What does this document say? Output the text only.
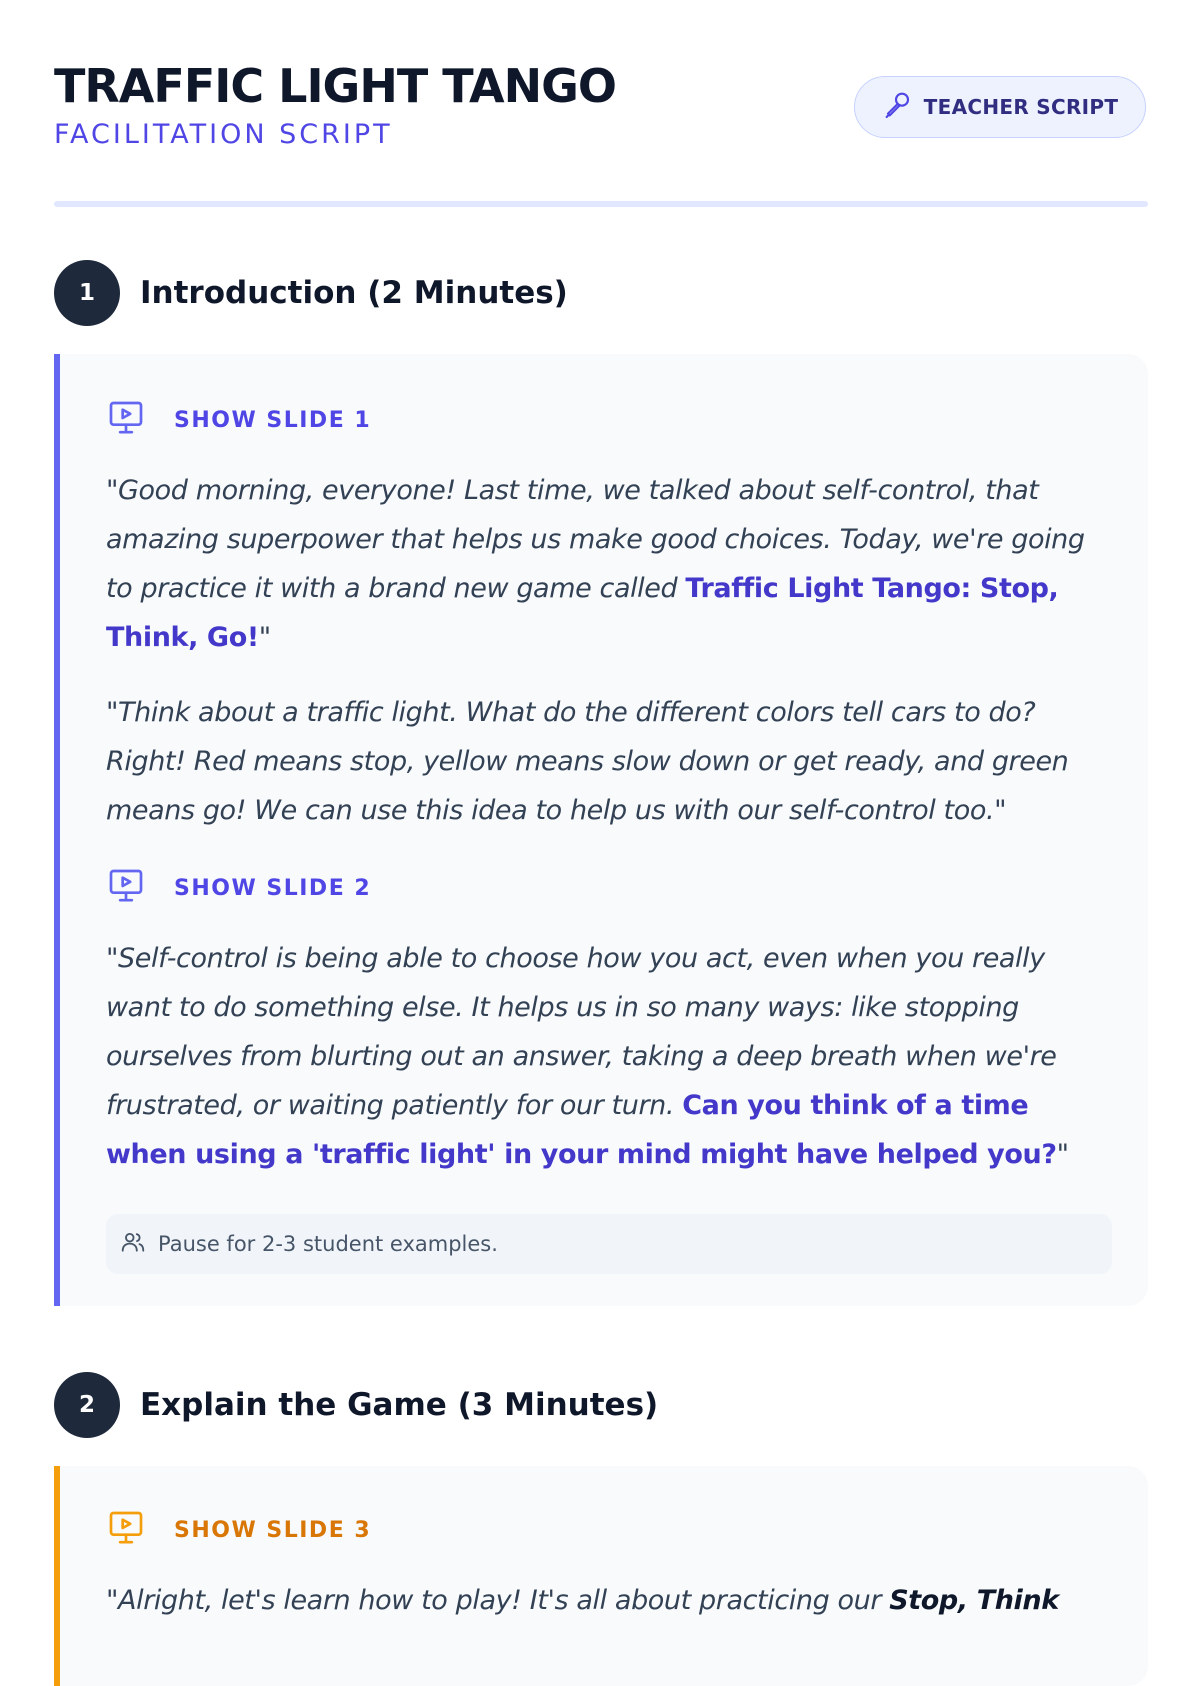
TRAFFIC LIGHT TANGO
FACILITATION SCRIPT
TEACHER SCRIPT
1	Introduction (2 Minutes)
SHOW SLIDE 1

"Good morning, everyone! Last time, we talked about self-control, that amazing superpower that helps us make good choices. Today, we're going to practice it with a brand new game called Traffic Light Tango: Stop, Think, Go!"

"Think about a traffic light. What do the different colors tell cars to do? Right! Red means stop, yellow means slow down or get ready, and green means go! We can use this idea to help us with our self-control too."

SHOW SLIDE 2

"Self-control is being able to choose how you act, even when you really want to do something else. It helps us in so many ways: like stopping ourselves from blurting out an answer, taking a deep breath when we're frustrated, or waiting patiently for our turn. Can you think of a time when using a 'traffic light' in your mind might have helped you?"

Pause for 2-3 student examples.
2	Explain the Game (3 Minutes)
SHOW SLIDE 3

"Alright, let's learn how to play! It's all about practicing our Stop, Think
